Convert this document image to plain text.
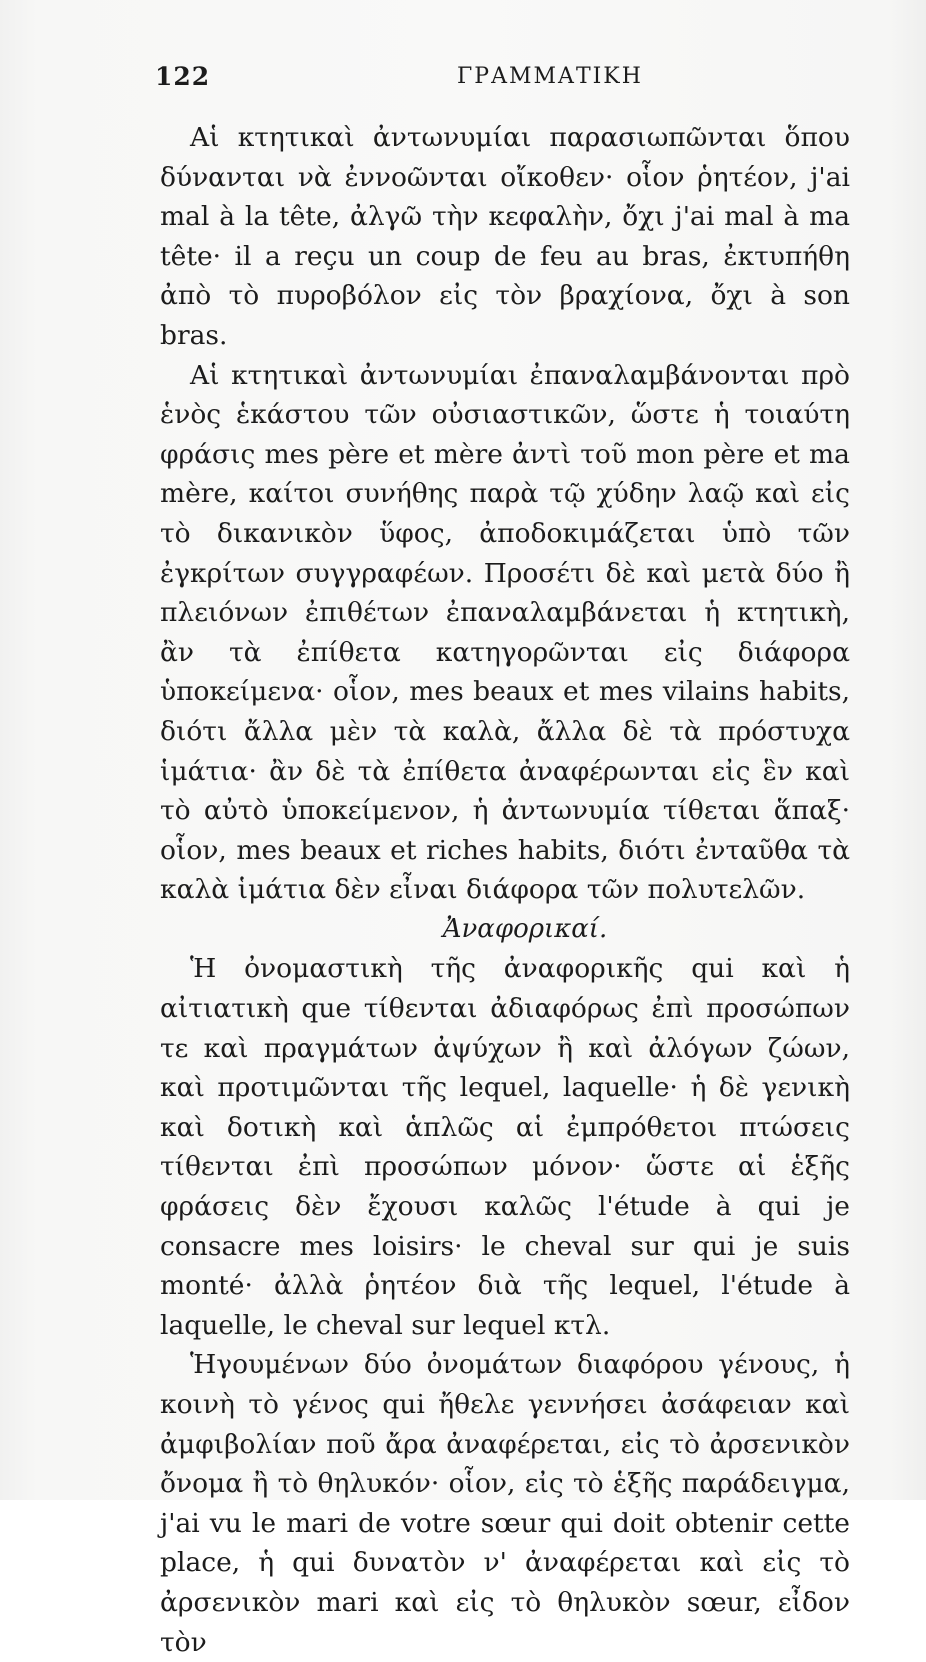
122	ΓΡΑΜΜΑΤΙΚΗ

Αἱ κτητικαὶ ἀντωνυμίαι παρασιωπῶνται ὅπου δύνανται νὰ ἐννοῶνται οἴκοθεν· οἷον ῥητέον, j'ai mal à la tête, ἀλγῶ τὴν κεφαλὴν, ὄχι j'ai mal à ma tête· il a reçu un coup de feu au bras, ἐκτυπήθη ἀπὸ τὸ πυροβόλον εἰς τὸν βραχίονα, ὄχι à son bras.

Αἱ κτητικαὶ ἀντωνυμίαι ἐπαναλαμβάνονται πρὸ ἑνὸς ἑκάστου τῶν οὐσιαστικῶν, ὥστε ἡ τοιαύτη φράσις mes père et mère ἀντὶ τοῦ mon père et ma mère, καίτοι συνήθης παρὰ τῷ χύδην λαῷ καὶ εἰς τὸ δικανικὸν ὕφος, ἀποδοκιμάζεται ὑπὸ τῶν ἐγκρίτων συγγραφέων. Προσέτι δὲ καὶ μετὰ δύο ἢ πλειόνων ἐπιθέτων ἐπαναλαμβάνεται ἡ κτητικὴ, ἂν τὰ ἐπίθετα κατηγορῶνται εἰς διάφορα ὑποκείμενα· οἷον, mes beaux et mes vilains habits, διότι ἄλλα μὲν τὰ καλὰ, ἄλλα δὲ τὰ πρόστυχα ἱμάτια· ἂν δὲ τὰ ἐπίθετα ἀναφέρωνται εἰς ἓν καὶ τὸ αὐτὸ ὑποκείμενον, ἡ ἀντωνυμία τίθεται ἅπαξ· οἷον, mes beaux et riches habits, διότι ἐνταῦθα τὰ καλὰ ἱμάτια δὲν εἶναι διάφορα τῶν πολυτελῶν.

Ἀναφορικαί.

Ἡ ὀνομαστικὴ τῆς ἀναφορικῆς qui καὶ ἡ αἰτιατικὴ que τίθενται ἀδιαφόρως ἐπὶ προσώπων τε καὶ πραγμάτων ἀψύχων ἢ καὶ ἀλόγων ζώων, καὶ προτιμῶνται τῆς lequel, laquelle· ἡ δὲ γενικὴ καὶ δοτικὴ καὶ ἁπλῶς αἱ ἐμπρόθετοι πτώσεις τίθενται ἐπὶ προσώπων μόνον· ὥστε αἱ ἑξῆς φράσεις δὲν ἔχουσι καλῶς l'étude à qui je consacre mes loisirs· le cheval sur qui je suis monté· ἀλλὰ ῥητέον διὰ τῆς lequel, l'étude à laquelle, le cheval sur lequel κτλ.

Ἡγουμένων δύο ὀνομάτων διαφόρου γένους, ἡ κοινὴ τὸ γένος qui ἤθελε γεννήσει ἀσάφειαν καὶ ἀμφιβολίαν ποῦ ἄρα ἀναφέρεται, εἰς τὸ ἀρσενικὸν ὄνομα ἢ τὸ θηλυκόν· οἷον, εἰς τὸ ἑξῆς παράδειγμα, j'ai vu le mari de votre sœur qui doit obtenir cette place, ἡ qui δυνατὸν ν' ἀναφέρεται καὶ εἰς τὸ ἀρσενικὸν mari καὶ εἰς τὸ θηλυκὸν sœur, εἶδον τὸν
